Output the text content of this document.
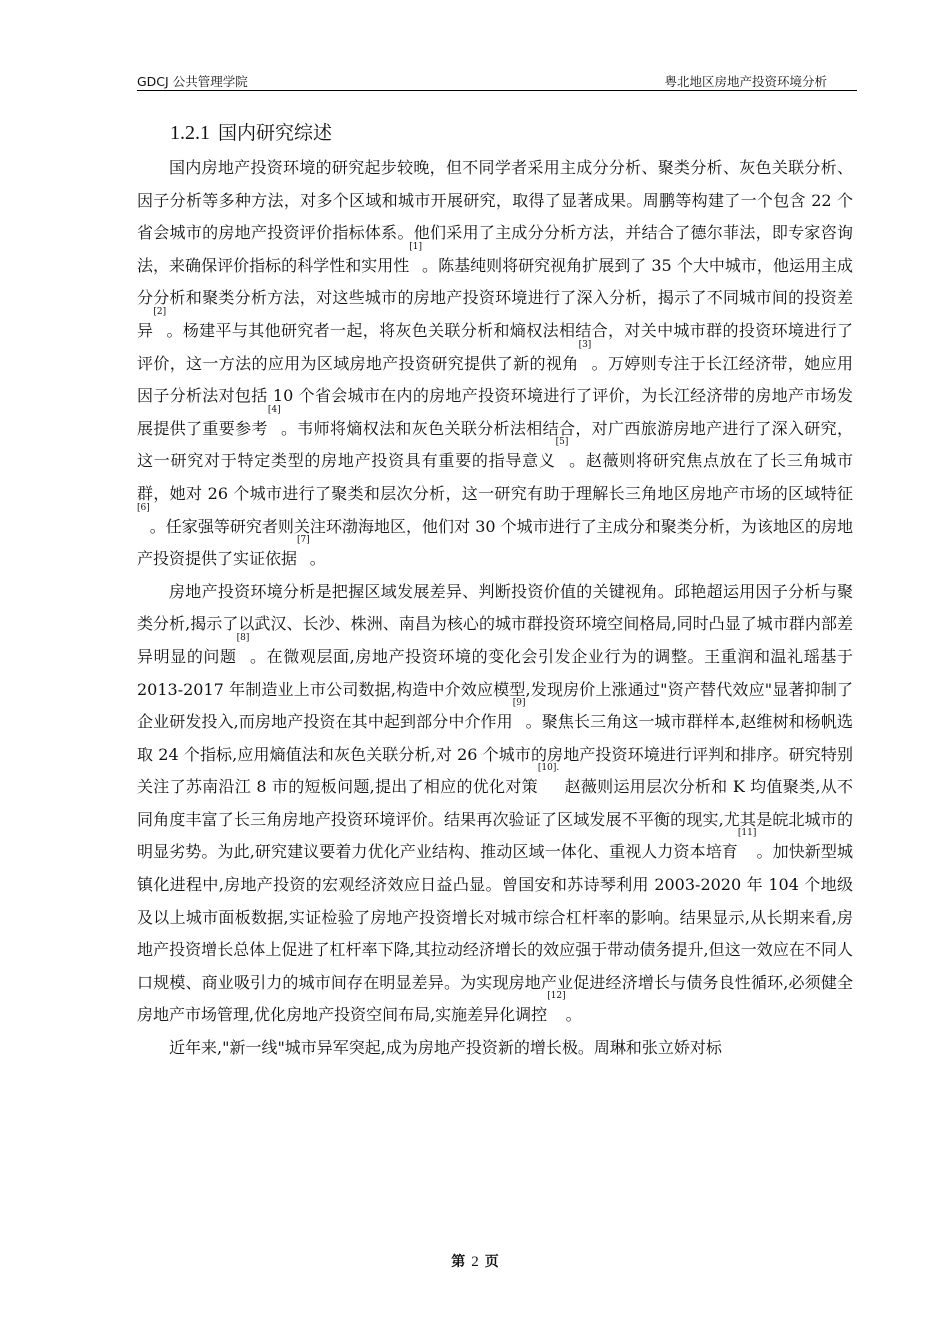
GDCJ 公共管理学院	粤北地区房地产投资环境分析
1.2.1 国内研究综述

国内房地产投资环境的研究起步较晚，但不同学者采用主成分分析、聚类分析、灰色关联分析、因子分析等多种方法，对多个区域和城市开展研究，取得了显著成果。周鹏等构建了一个包含 22 个省会城市的房地产投资评价指标体系。他们采用了主成分分析方法，并结合了德尔菲法，即专家咨询法，来确保评价指标的科学性和实用性[1]。陈基纯则将研究视角扩展到了 35 个大中城市，他运用主成分分析和聚类分析方法，对这些城市的房地产投资环境进行了深入分析，揭示了不同城市间的投资差异[2]。杨建平与其他研究者一起，将灰色关联分析和熵权法相结合，对关中城市群的投资环境进行了评价，这一方法的应用为区域房地产投资研究提供了新的视角[3]。万婷则专注于长江经济带，她应用因子分析法对包括 10 个省会城市在内的房地产投资环境进行了评价，为长江经济带的房地产市场发展提供了重要参考[4]。韦师将熵权法和灰色关联分析法相结合，对广西旅游房地产进行了深入研究，这一研究对于特定类型的房地产投资具有重要的指导意义[5]。赵薇则将研究焦点放在了长三角城市群，她对 26 个城市进行了聚类和层次分析，这一研究有助于理解长三角地区房地产市场的区域特征[6]。任家强等研究者则关注环渤海地区，他们对 30 个城市进行了主成分和聚类分析，为该地区的房地产投资提供了实证依据[7]。

房地产投资环境分析是把握区域发展差异、判断投资价值的关键视角。邱艳超运用因子分析与聚类分析,揭示了以武汉、长沙、株洲、南昌为核心的城市群投资环境空间格局,同时凸显了城市群内部差异明显的问题[8]。在微观层面,房地产投资环境的变化会引发企业行为的调整。王重润和温礼瑶基于 2013-2017 年制造业上市公司数据,构造中介效应模型,发现房价上涨通过"资产替代效应"显著抑制了企业研发投入,而房地产投资在其中起到部分中介作用[9]。聚焦长三角这一城市群样本,赵维树和杨帆选取 24 个指标,应用熵值法和灰色关联分析,对 26 个城市的房地产投资环境进行评判和排序。研究特别关注了苏南沿江 8 市的短板问题,提出了相应的优化对策$^{[10].}$ 赵薇则运用层次分析和 K 均值聚类,从不同角度丰富了长三角房地产投资环境评价。结果再次验证了区域发展不平衡的现实,尤其是皖北城市的明显劣势。为此,研究建议要着力优化产业结构、推动区域一体化、重视人力资本培育[11]。加快新型城镇化进程中,房地产投资的宏观经济效应日益凸显。曾国安和苏诗琴利用 2003-2020 年 104 个地级及以上城市面板数据,实证检验了房地产投资增长对城市综合杠杆率的影响。结果显示,从长期来看,房地产投资增长总体上促进了杠杆率下降,其拉动经济增长的效应强于带动债务提升,但这一效应在不同人口规模、商业吸引力的城市间存在明显差异。为实现房地产业促进经济增长与债务良性循环,必须健全房地产市场管理,优化房地产投资空间布局,实施差异化调控[12]。

近年来,"新一线"城市异军突起,成为房地产投资新的增长极。周琳和张立娇对标

第 2 页
